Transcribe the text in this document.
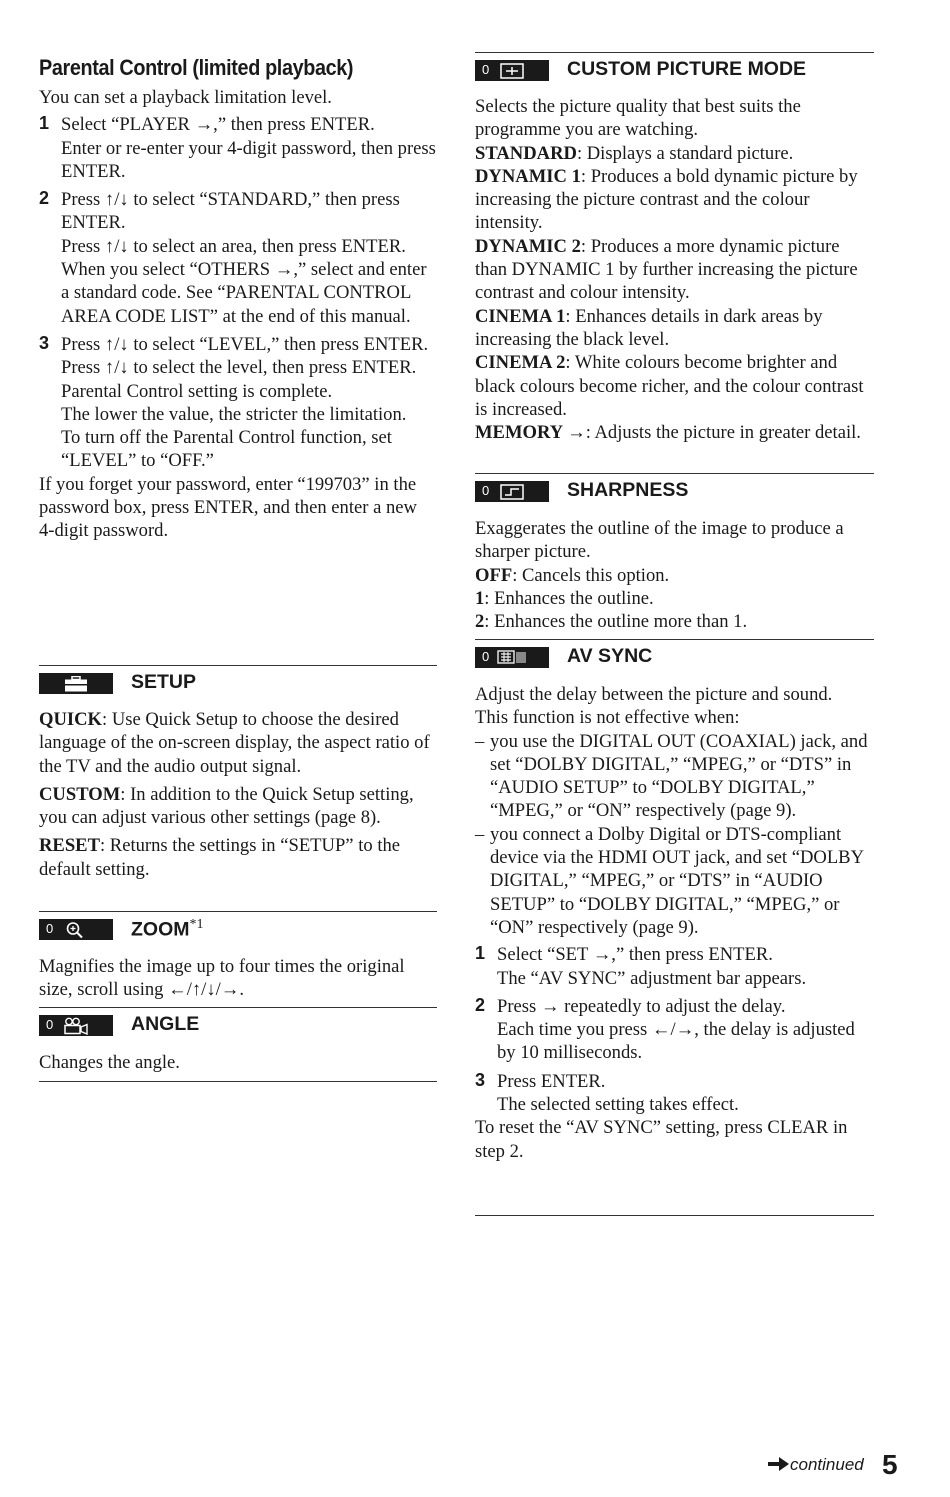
Parental Control (limited playback)

You can set a playback limitation level.

1 Select “PLAYER →,” then press ENTER.

Enter or re-enter your 4-digit password, then press ENTER.

2 Press ↑/↓ to select “STANDARD,” then press ENTER.

Press ↑/↓ to select an area, then press ENTER.

When you select “OTHERS →,” select and enter a standard code. See “PARENTAL CONTROL AREA CODE LIST” at the end of this manual.

3 Press ↑/↓ to select “LEVEL,” then press ENTER.

Press ↑/↓ to select the level, then press ENTER.

Parental Control setting is complete.

The lower the value, the stricter the limitation.

To turn off the Parental Control function, set “LEVEL” to “OFF.”

If you forget your password, enter “199703” in the password box, press ENTER, and then enter a new 4-digit password.

SETUP

QUICK: Use Quick Setup to choose the desired language of the on-screen display, the aspect ratio of the TV and the audio output signal.

CUSTOM: In addition to the Quick Setup setting, you can adjust various other settings (page 8).

RESET: Returns the settings in “SETUP” to the default setting.

0	ZOOM$^{*1}$

Magnifies the image up to four times the original size, scroll using ←/↑/↓/→.

0	ANGLE

Changes the angle.

0	CUSTOM PICTURE MODE

Selects the picture quality that best suits the programme you are watching.

STANDARD: Displays a standard picture.

DYNAMIC 1: Produces a bold dynamic picture by increasing the picture contrast and the colour intensity.

DYNAMIC 2: Produces a more dynamic picture than DYNAMIC 1 by further increasing the picture contrast and colour intensity.

CINEMA 1: Enhances details in dark areas by increasing the black level.

CINEMA 2: White colours become brighter and black colours become richer, and the colour contrast is increased.

MEMORY →: Adjusts the picture in greater detail.

0	SHARPNESS

Exaggerates the outline of the image to produce a sharper picture.

OFF: Cancels this option.

1: Enhances the outline.

2: Enhances the outline more than 1.

0	AV SYNC

Adjust the delay between the picture and sound.

This function is not effective when:

– you use the DIGITAL OUT (COAXIAL) jack, and set “DOLBY DIGITAL,” “MPEG,” or “DTS” in “AUDIO SETUP” to “DOLBY DIGITAL,” “MPEG,” or “ON” respectively (page 9).

– you connect a Dolby Digital or DTS-compliant device via the HDMI OUT jack, and set “DOLBY DIGITAL,” “MPEG,” or “DTS” in “AUDIO SETUP” to “DOLBY DIGITAL,” “MPEG,” or “ON” respectively (page 9).

1 Select “SET →,” then press ENTER.

The “AV SYNC” adjustment bar appears.

2 Press → repeatedly to adjust the delay.

Each time you press ←/→, the delay is adjusted by 10 milliseconds.

3 Press ENTER.

The selected setting takes effect.

To reset the “AV SYNC” setting, press CLEAR in step 2.

continued 5
